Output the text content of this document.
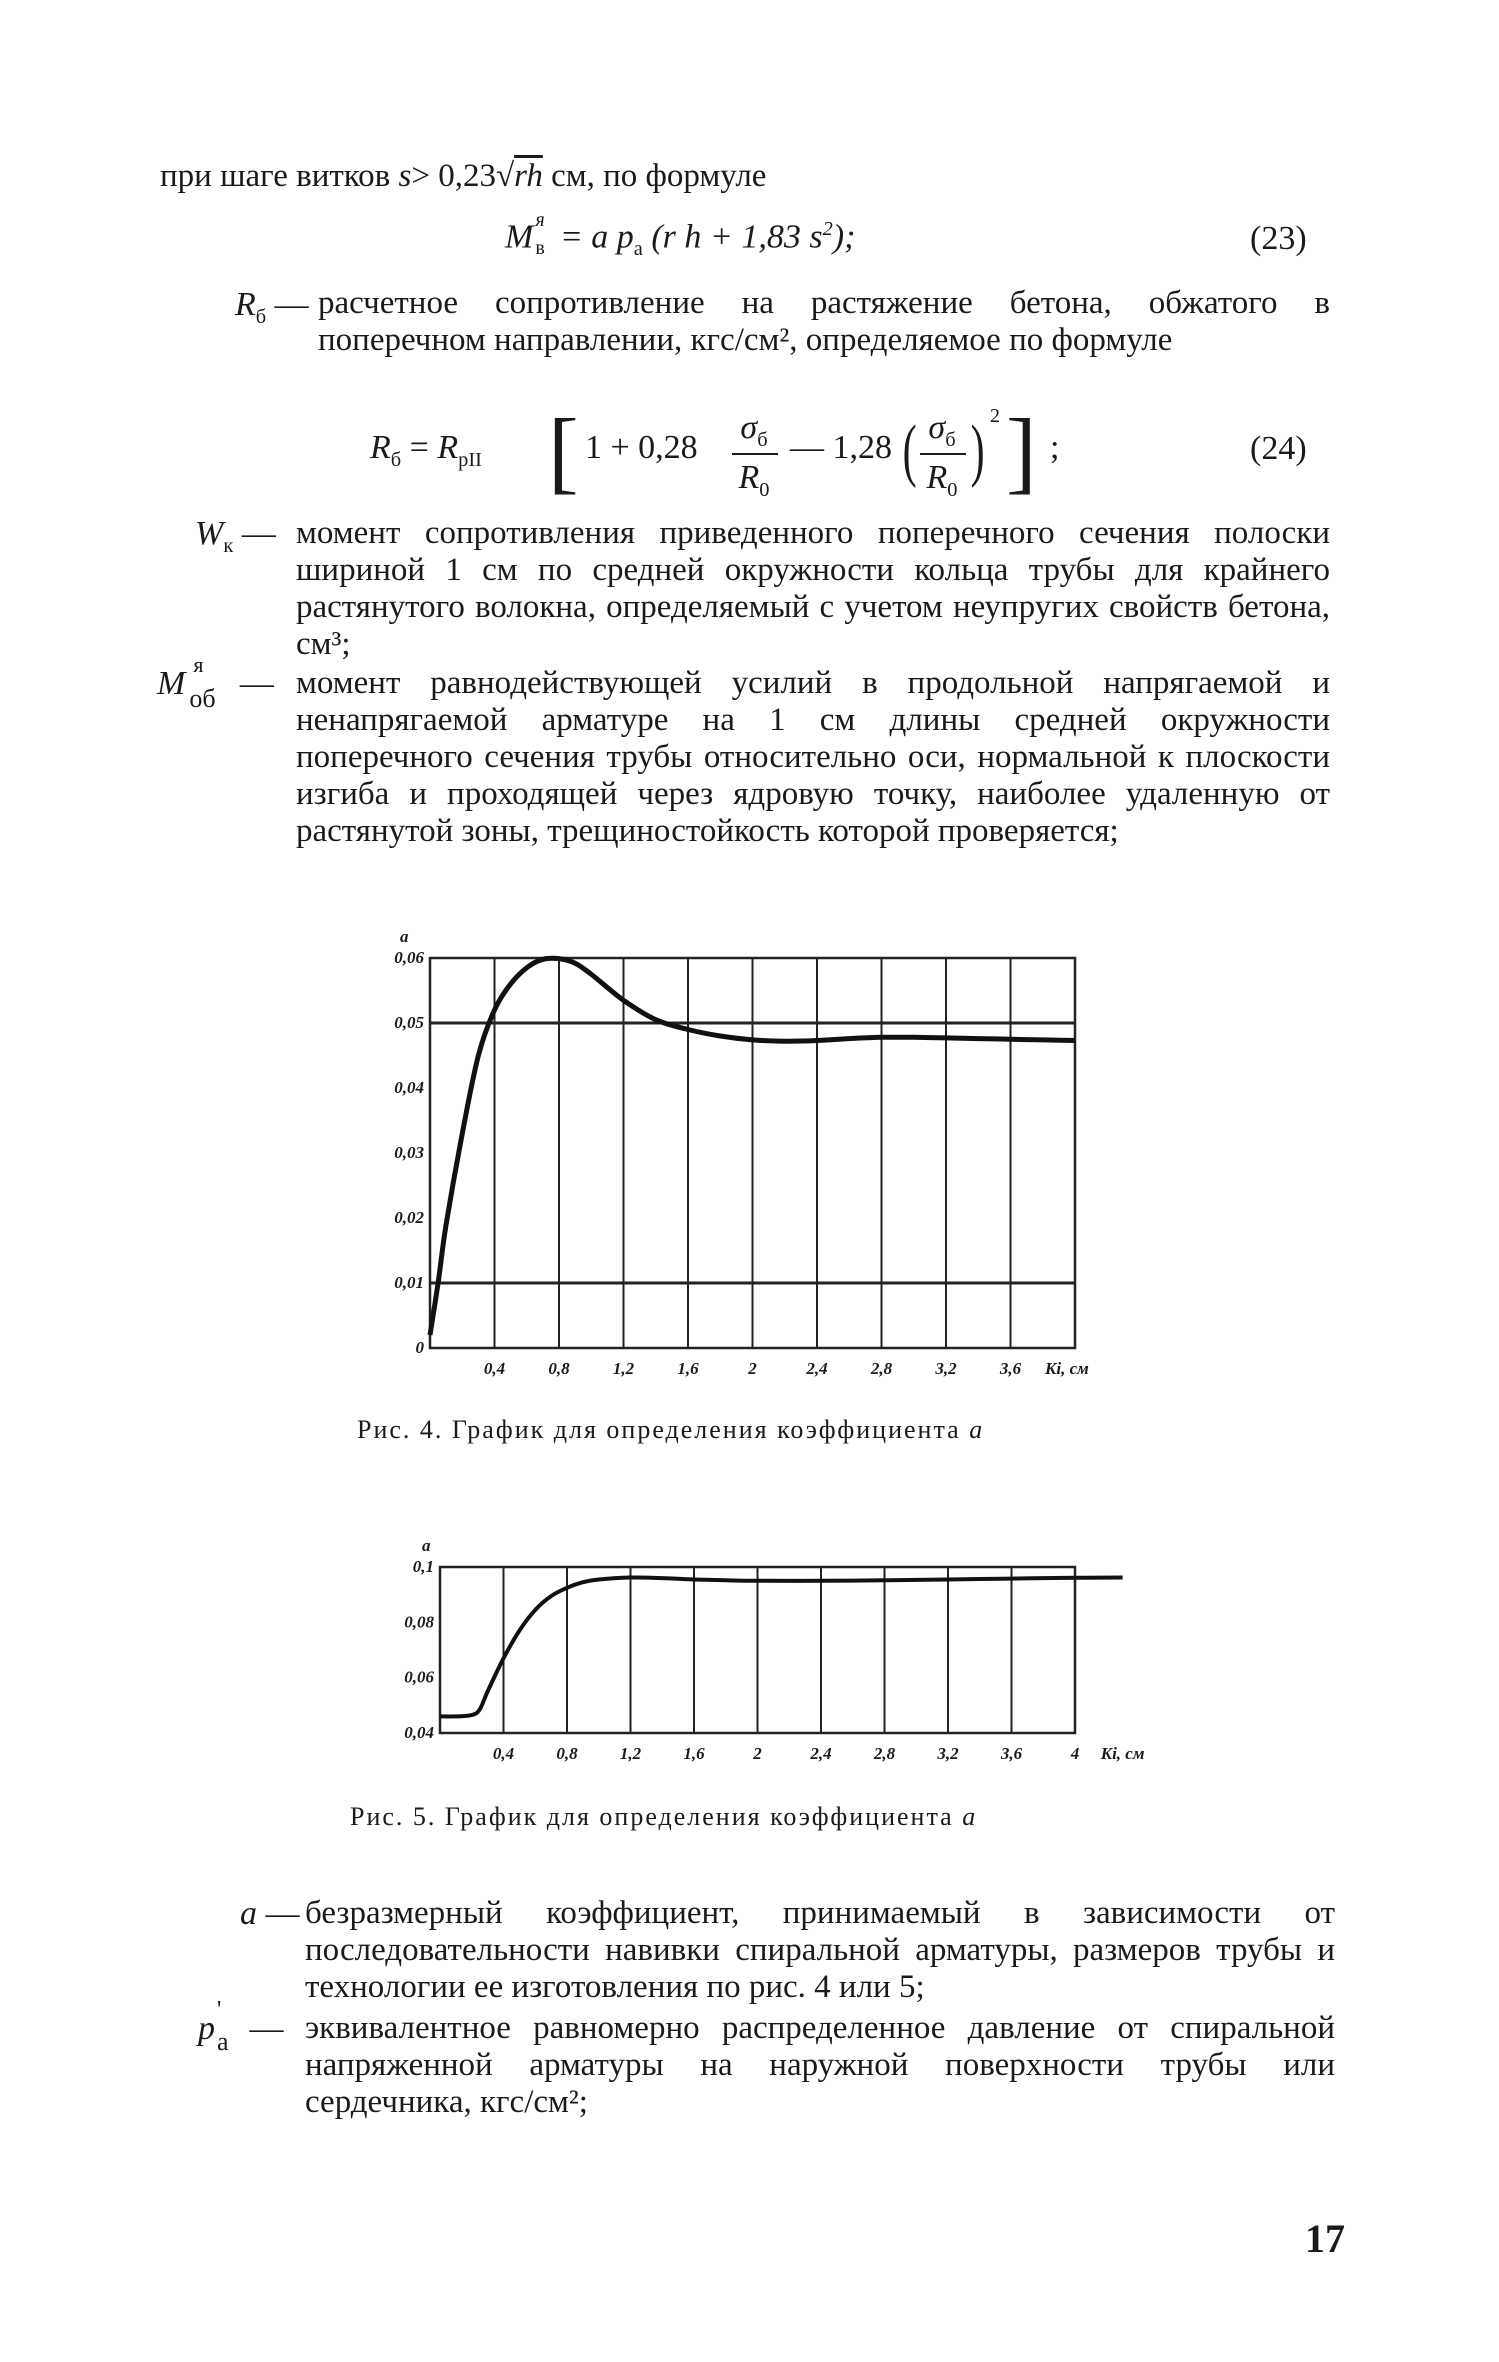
при шаге витков s> 0,23√rh см, по формуле
M я
в = a $p_а$ (r h + 1,83 $s^2$);	(23)
$R_б$ — расчетное сопротивление на растяжение бетона, обжатого в поперечном направлении, кгс/см², определяемое по формуле
$R_б = R_{рII}$ [ 1 + 0,28
$\sigma_б$
$R_0$
— 1,28 ( $\sigma_б$
$R_0$
) 2 ] ;	(24)
$W_к$ — момент сопротивления приведенного поперечного сечения полоски шириной 1 см по средней окружности кольца трубы для крайнего растянутого волокна, определяемый с учетом неупругих свойств бетона, см³;
M
я
об — момент равнодействующей усилий в продольной напрягаемой и ненапрягаемой арматуре на 1 см длины средней окружности поперечного сечения трубы относительно оси, нормальной к плоскости изгиба и проходящей через ядровую точку, наиболее удаленную от растянутой зоны, трещиностойкость которой проверяется;
0
0,01
0,02
0,03
0,04
0,05
0,06
0,4	0,8	1,2	1,6	2	2,4	2,8	3,2	3,6 Ki, см
a
Рис. 4. График для определения коэффициента a
0,04
0,06
0,08
0,1
0,4 0,8 1,2 1,6	2	2,4 2,8 3,2 3,6	4 Ki, см
a
Рис. 5. График для определения коэффициента a
a — безразмерный коэффициент, принимаемый в зависимости от последовательности навивки спиральной арматуры, размеров трубы и технологии ее изготовления по рис. 4 или 5;
p '
а — эквивалентное равномерно распределенное давление от спиральной напряженной арматуры на наружной поверхности трубы или сердечника, кгс/см²;
17
